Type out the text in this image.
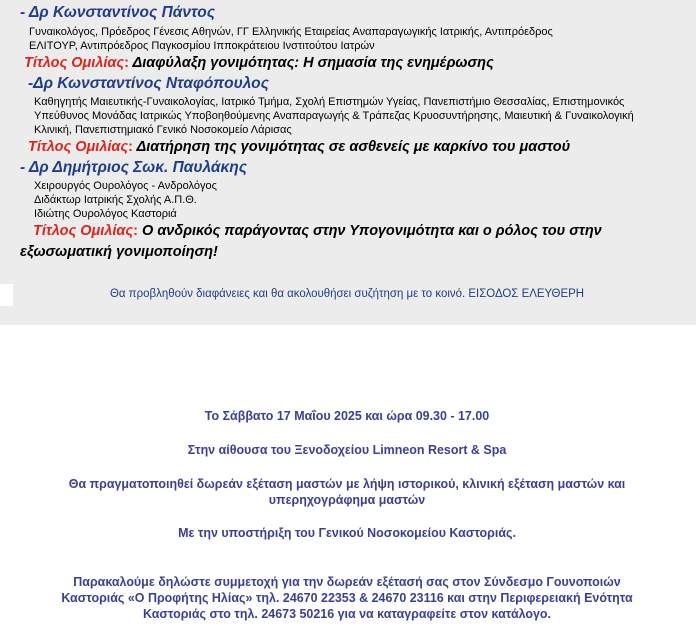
- Δρ Κωνσταντίνος Πάντος
Γυναικολόγος, Πρόεδρος Γένεσις Αθηνών, ΓΓ Ελληνικής Εταιρείας Αναπαραγωγικής Ιατρικής, Αντιπρόεδρος
ΕΛΙΤΟΥΡ, Αντιπρόεδρος Παγκοσμίου Ιπποκράτειου Ινστιτούτου Ιατρών
Τίτλος Ομιλίας: Διαφύλαξη γονιμότητας: Η σημασία της ενημέρωσης
-Δρ Κωνσταντίνος Νταφόπουλος
Καθηγητής Μαιευτικής-Γυναικολογίας, Ιατρικό Τμήμα, Σχολή Επιστημών Υγείας, Πανεπιστήμιο Θεσσαλίας, Επιστημονικός
Υπεύθυνος Μονάδας Ιατρικώς Υποβοηθούμενης Αναπαραγωγής & Τράπεζας Κρυοσυντήρησης, Μαιευτική & Γυναικολογική
Κλινική, Πανεπιστημιακό Γενικό Νοσοκομείο Λάρισας
Τίτλος Ομιλίας: Διατήρηση της γονιμότητας σε ασθενείς με καρκίνο του μαστού
- Δρ Δημήτριος Σωκ. Παυλάκης
Χειρουργός Ουρολόγος - Ανδρολόγος
Διδάκτωρ Ιατρικής Σχολής Α.Π.Θ.
Ιδιώτης Ουρολόγος Καστοριά
Τίτλος Ομιλίας: Ο ανδρικός παράγοντας στην Υπογονιμότητα και ο ρόλος του στην
εξωσωματική γονιμοποίηση!
Θα προβληθούν διαφάνειες και θα ακολουθήσει συζήτηση με το κοινό. ΕΙΣΟΔΟΣ ΕΛΕΥΘΕΡΗ
Το Σάββατο 17 Μαΐου 2025 και ώρα 09.30 - 17.00
Στην αίθουσα του Ξενοδοχείου Limneon Resort & Spa
Θα πραγματοποιηθεί δωρεάν εξέταση μαστών με λήψη ιστορικού, κλινική εξέταση μαστών και
υπερηχογράφημα μαστών
Με την υποστήριξη του Γενικού Νοσοκομείου Καστοριάς.
Παρακαλούμε δηλώστε συμμετοχή για την δωρεάν εξέτασή σας στον Σύνδεσμο Γουνοποιών
Καστοριάς «Ο Προφήτης Ηλίας» τηλ. 24670 22353 & 24670 23116 και στην Περιφερειακή Ενότητα
Καστοριάς στο τηλ. 24673 50216 για να καταγραφείτε στον κατάλογο.
